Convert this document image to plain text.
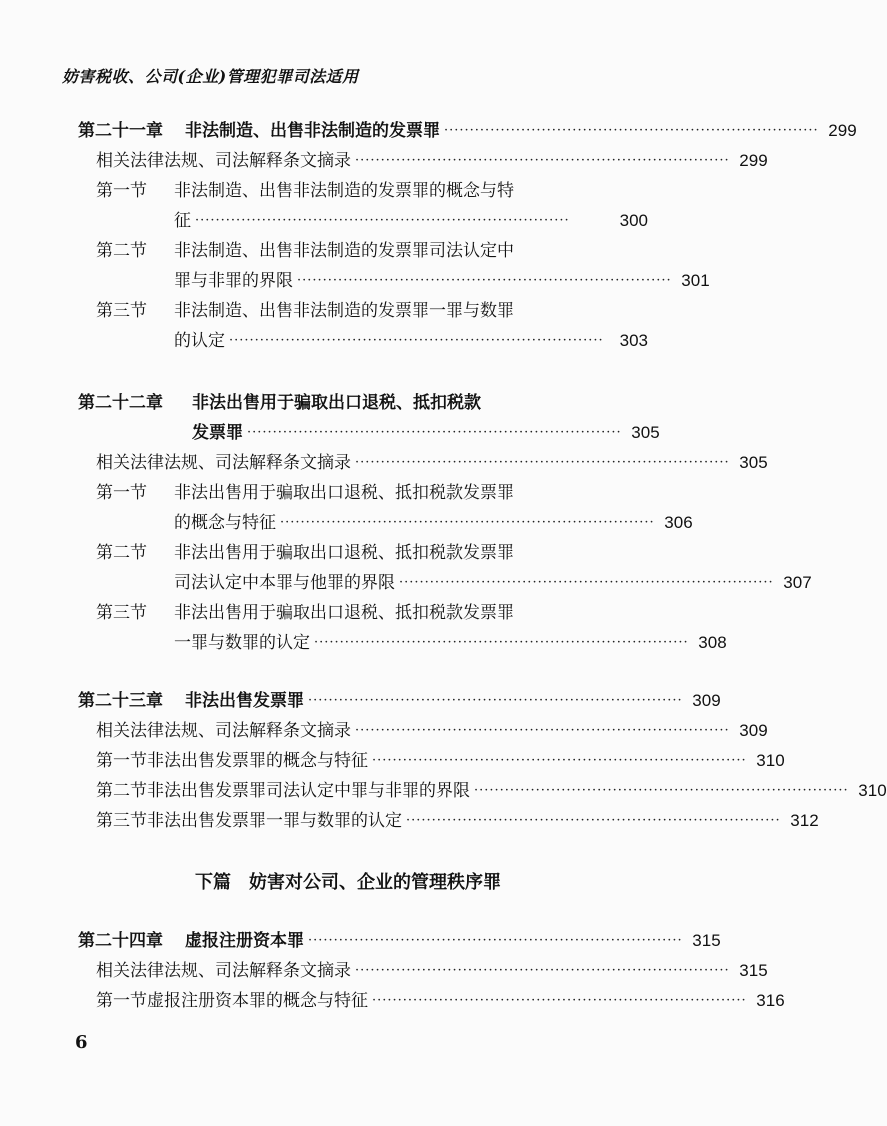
妨害税收、公司(企业)管理犯罪司法适用
第二十一章 非法制造、出售非法制造的发票罪 ········································································· 299
相关法律法规、司法解释条文摘录 ········································································· 299
第一节 非法制造、出售非法制造的发票罪的概念与特
征 ·········································································	300
第二节 非法制造、出售非法制造的发票罪司法认定中
罪与非罪的界限 ········································································· 301
第三节 非法制造、出售非法制造的发票罪一罪与数罪
的认定 ········································································· 303
第二十二章 非法出售用于骗取出口退税、抵扣税款
发票罪 ········································································· 305
相关法律法规、司法解释条文摘录 ········································································· 305
第一节 非法出售用于骗取出口退税、抵扣税款发票罪
的概念与特征 ········································································· 306
第二节 非法出售用于骗取出口退税、抵扣税款发票罪
司法认定中本罪与他罪的界限 ········································································· 307
第三节 非法出售用于骗取出口退税、抵扣税款发票罪
一罪与数罪的认定 ········································································· 308
第二十三章 非法出售发票罪 ········································································· 309
相关法律法规、司法解释条文摘录 ········································································· 309
第一节 非法出售发票罪的概念与特征 ········································································· 310
第二节 非法出售发票罪司法认定中罪与非罪的界限 ········································································· 310
第三节 非法出售发票罪一罪与数罪的认定 ········································································· 312
下篇 妨害对公司、企业的管理秩序罪
第二十四章 虚报注册资本罪 ········································································· 315
相关法律法规、司法解释条文摘录 ········································································· 315
第一节 虚报注册资本罪的概念与特征 ········································································· 316
6
